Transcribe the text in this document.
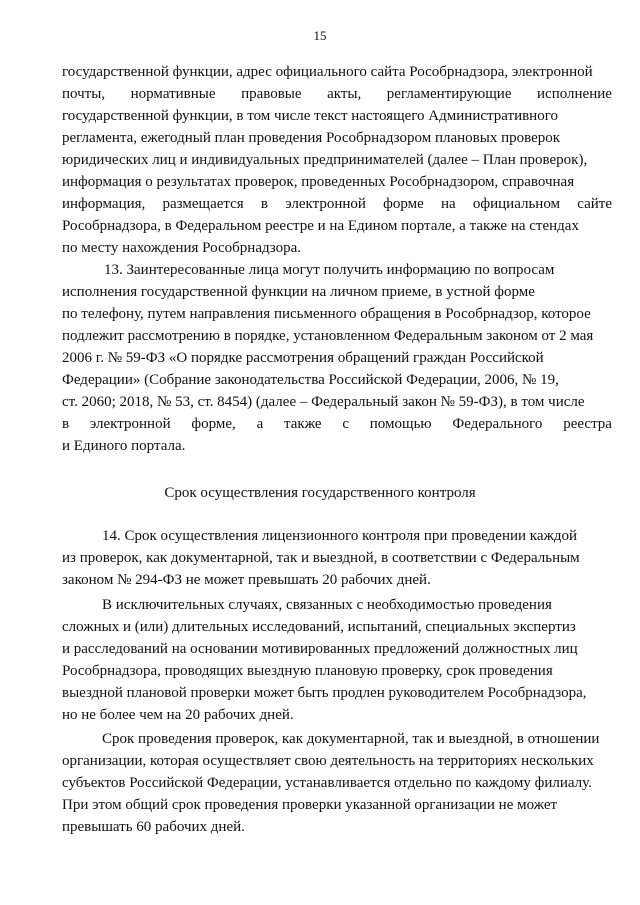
15
государственной функции, адрес официального сайта Рособрнадзора, электронной
почты, нормативные правовые акты, регламентирующие исполнение
государственной функции, в том числе текст настоящего Административного
регламента, ежегодный план проведения Рособрнадзором плановых проверок
юридических лиц и индивидуальных предпринимателей (далее – План проверок),
информация о результатах проверок, проведенных Рособрнадзором, справочная
информация, размещается в электронной форме на официальном сайте
Рособрнадзора, в Федеральном реестре и на Едином портале, а также на стендах
по месту нахождения Рособрнадзора.
13. Заинтересованные лица могут получить информацию по вопросам
исполнения государственной функции на личном приеме, в устной форме
по телефону, путем направления письменного обращения в Рособрнадзор, которое
подлежит рассмотрению в порядке, установленном Федеральным законом от 2 мая
2006 г. № 59-ФЗ «О порядке рассмотрения обращений граждан Российской
Федерации» (Собрание законодательства Российской Федерации, 2006, № 19,
ст. 2060; 2018, № 53, ст. 8454) (далее – Федеральный закон № 59-ФЗ), в том числе
в электронной форме, а также с помощью Федерального реестра
и Единого портала.
Срок осуществления государственного контроля
14. Срок осуществления лицензионного контроля при проведении каждой
из проверок, как документарной, так и выездной, в соответствии с Федеральным
законом № 294-ФЗ не может превышать 20 рабочих дней.
В исключительных случаях, связанных с необходимостью проведения
сложных и (или) длительных исследований, испытаний, специальных экспертиз
и расследований на основании мотивированных предложений должностных лиц
Рособрнадзора, проводящих выездную плановую проверку, срок проведения
выездной плановой проверки может быть продлен руководителем Рособрнадзора,
но не более чем на 20 рабочих дней.
Срок проведения проверок, как документарной, так и выездной, в отношении
организации, которая осуществляет свою деятельность на территориях нескольких
субъектов Российской Федерации, устанавливается отдельно по каждому филиалу.
При этом общий срок проведения проверки указанной организации не может
превышать 60 рабочих дней.
